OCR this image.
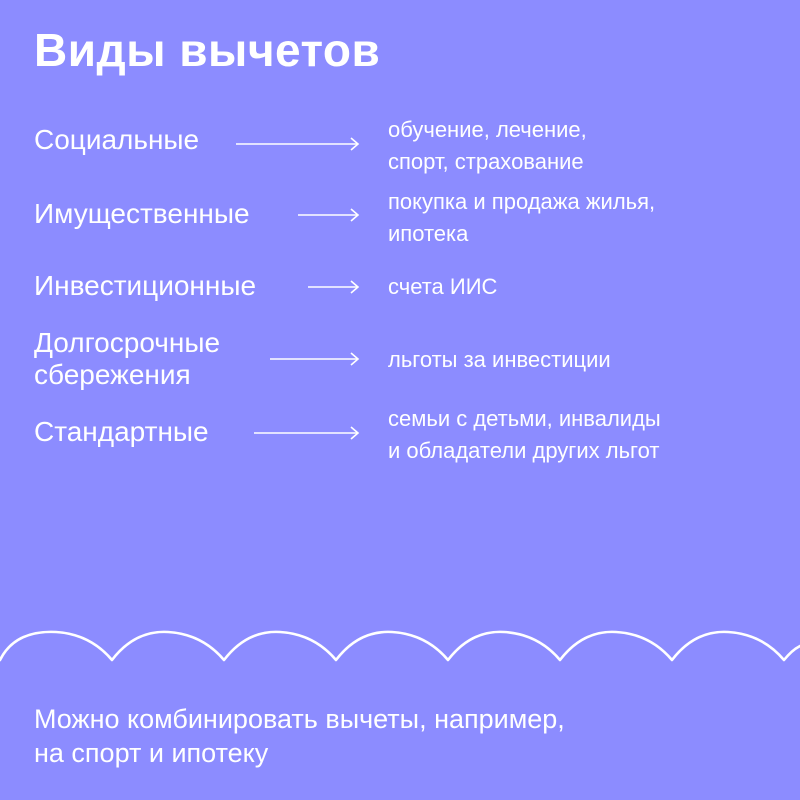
Виды вычетов
Социальные	обучение, лечение,
спорт, страхование
Имущественные	покупка и продажа жилья,
ипотека
Инвестиционные	счета ИИС
Долгосрочные
сбережения	льготы за инвестиции
Стандартные	семьи с детьми, инвалиды
и обладатели других льгот
Можно комбинировать вычеты, например,
на спорт и ипотеку
